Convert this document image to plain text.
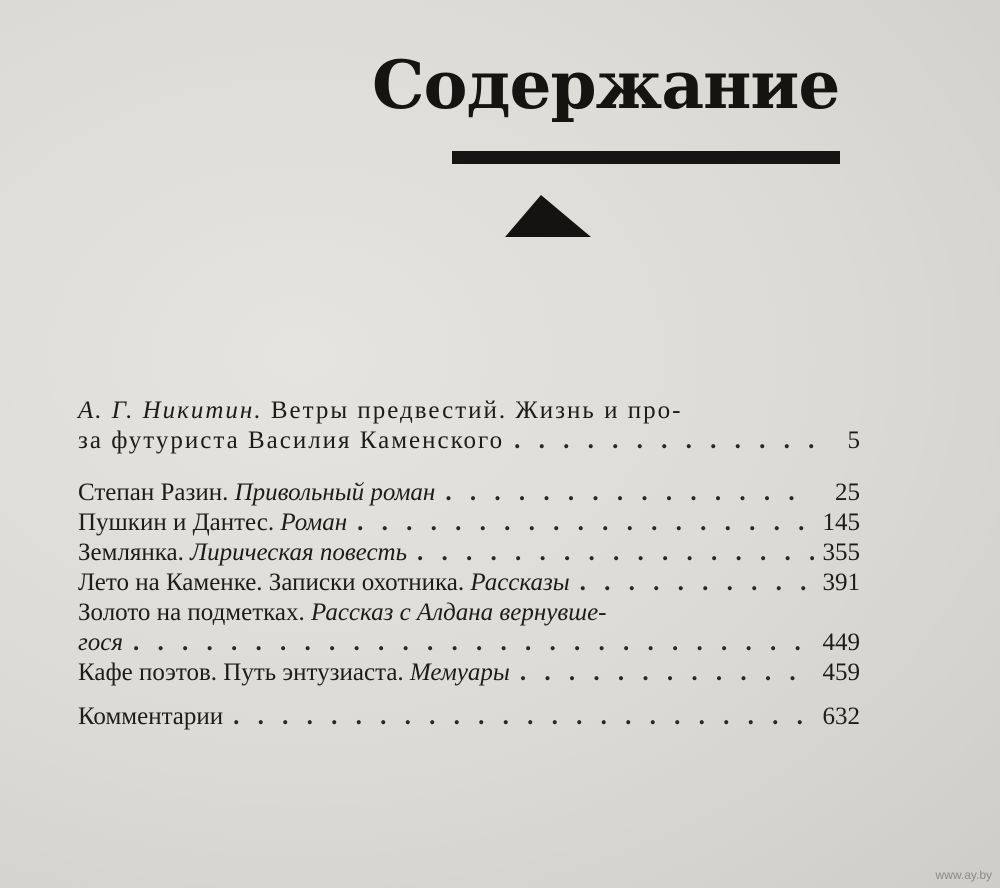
Содержание
А. Г. Никитин. Ветры предвестий. Жизнь и про-
за футуриста Василия Каменского . . .	5
Степан Разин.
Привольный роман . . .	25
Пушкин и Дантес.
Роман . . .	145
Землянка.
Лирическая повесть . . .	355
Лето на Каменке. Записки охотника.
Рассказы . . .	391
Золото на подметках.
Рассказ с Алдана вернувше-
гося . . .	449
Кафе поэтов. Путь энтузиаста.
Мемуары . . .	459
Комментарии . . .	632
www.ay.by
